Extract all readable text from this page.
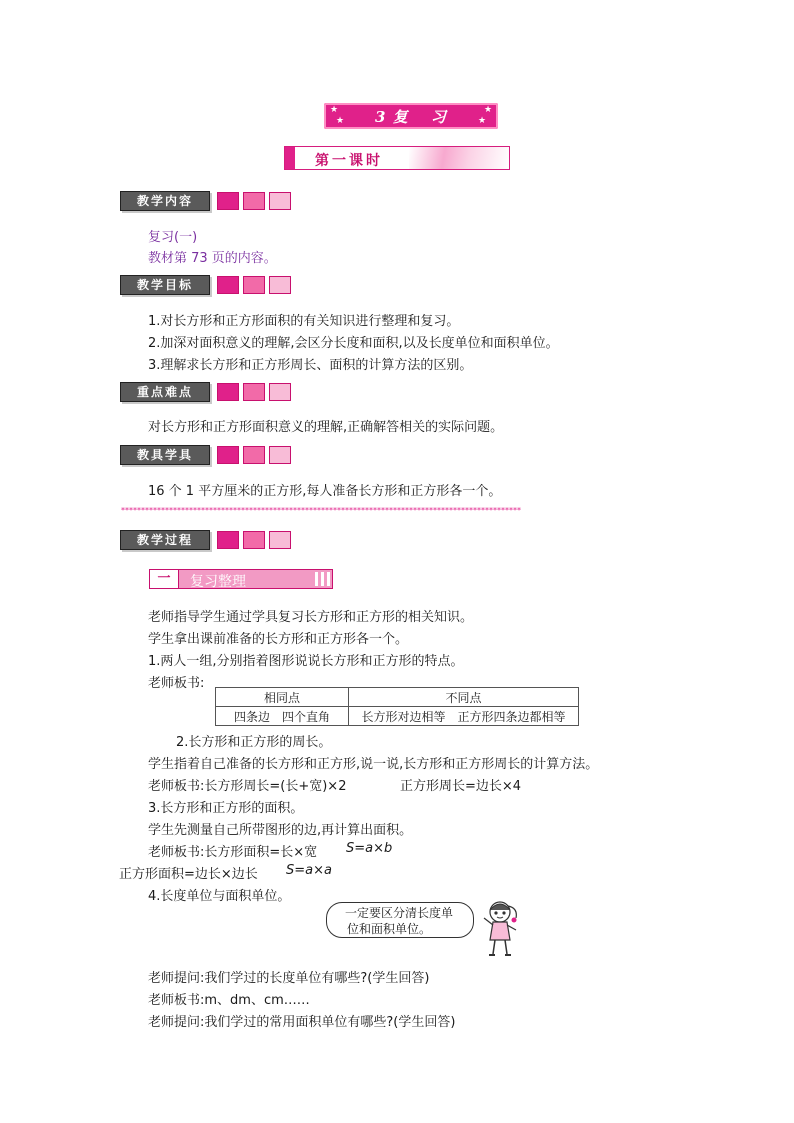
★
★
★
★
3 复　 习
第一课时
教学内容
复习(一)
教材第 73 页的内容。
教学目标
1.对长方形和正方形面积的有关知识进行整理和复习。
2.加深对面积意义的理解,会区分长度和面积,以及长度单位和面积单位。
3.理解求长方形和正方形周长、面积的计算方法的区别。
重点难点
对长方形和正方形面积意义的理解,正确解答相关的实际问题。
教具学具
16 个 1 平方厘米的正方形,每人准备长方形和正方形各一个。
****************************************************************************************************
教学过程
一	复习整理
老师指导学生通过学具复习长方形和正方形的相关知识。
学生拿出课前准备的长方形和正方形各一个。
1.两人一组,分别指着图形说说长方形和正方形的特点。
老师板书:
相同点	不同点
四条边　四个直角	长方形对边相等　正方形四条边都相等
2.长方形和正方形的周长。
学生指着自己准备的长方形和正方形,说一说,长方形和正方形周长的计算方法。
老师板书:长方形周长=(长+宽)×2	正方形周长=边长×4
3.长方形和正方形的面积。
学生先测量自己所带图形的边,再计算出面积。
老师板书:长方形面积=长×宽 S=a×b
正方形面积=边长×边长 S=a×a
4.长度单位与面积单位。
一定要区分清长度单
位和面积单位。
老师提问:我们学过的长度单位有哪些?(学生回答)
老师板书:m、dm、cm……
老师提问:我们学过的常用面积单位有哪些?(学生回答)
